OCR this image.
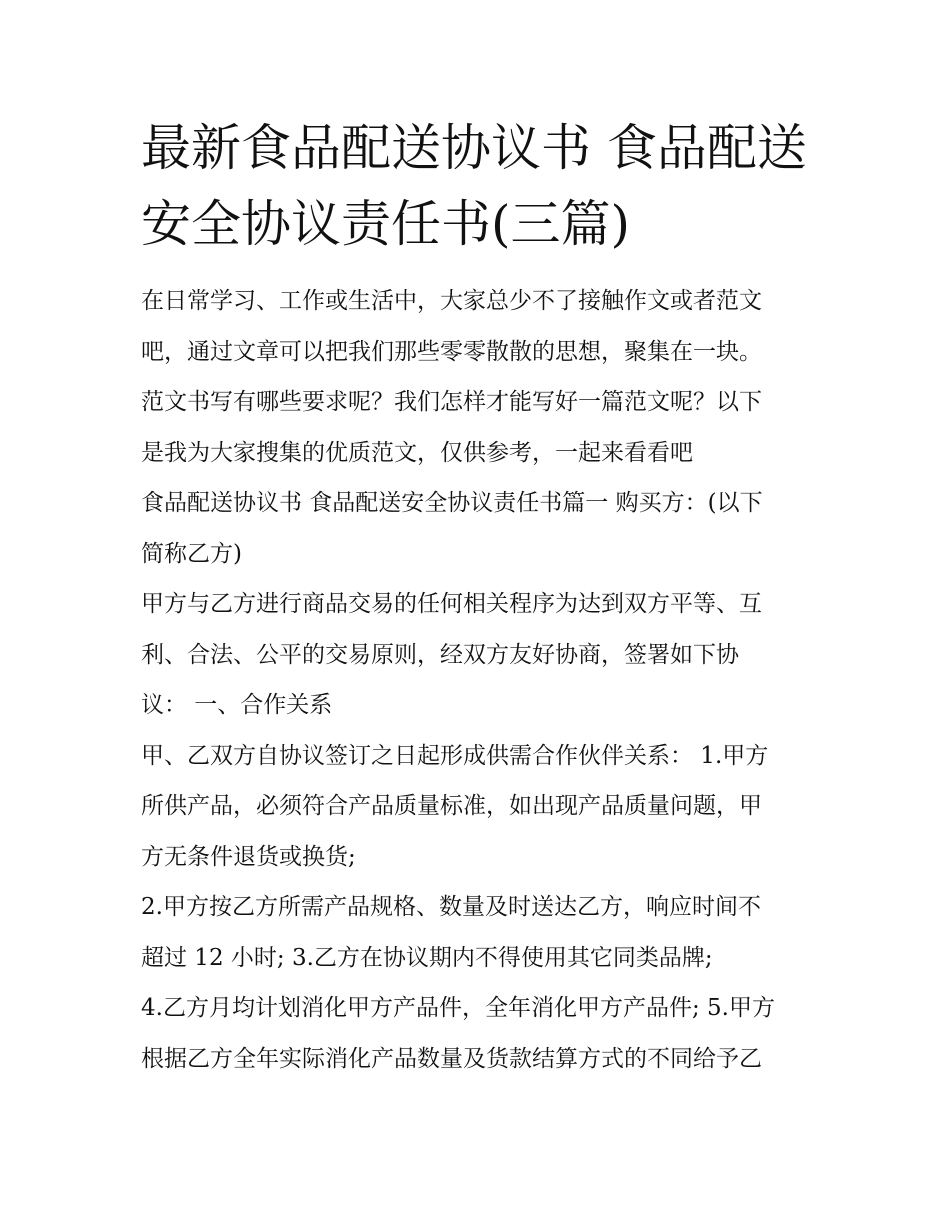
最新食品配送协议书 食品配送
安全协议责任书(三篇)

在日常学习、工作或生活中，大家总少不了接触作文或者范文
吧，通过文章可以把我们那些零零散散的思想，聚集在一块。
范文书写有哪些要求呢？我们怎样才能写好一篇范文呢？以下
是我为大家搜集的优质范文，仅供参考，一起来看看吧

食品配送协议书 食品配送安全协议责任书篇一 购买方：(以下
简称乙方)

甲方与乙方进行商品交易的任何相关程序为达到双方平等、互
利、合法、公平的交易原则，经双方友好协商，签署如下协
议： 一、合作关系

甲、乙双方自协议签订之日起形成供需合作伙伴关系： 1.甲方
所供产品，必须符合产品质量标准，如出现产品质量问题，甲
方无条件退货或换货;

2.甲方按乙方所需产品规格、数量及时送达乙方，响应时间不
超过 12 小时; 3.乙方在协议期内不得使用其它同类品牌;

4.乙方月均计划消化甲方产品件，全年消化甲方产品件; 5.甲方
根据乙方全年实际消化产品数量及货款结算方式的不同给予乙
